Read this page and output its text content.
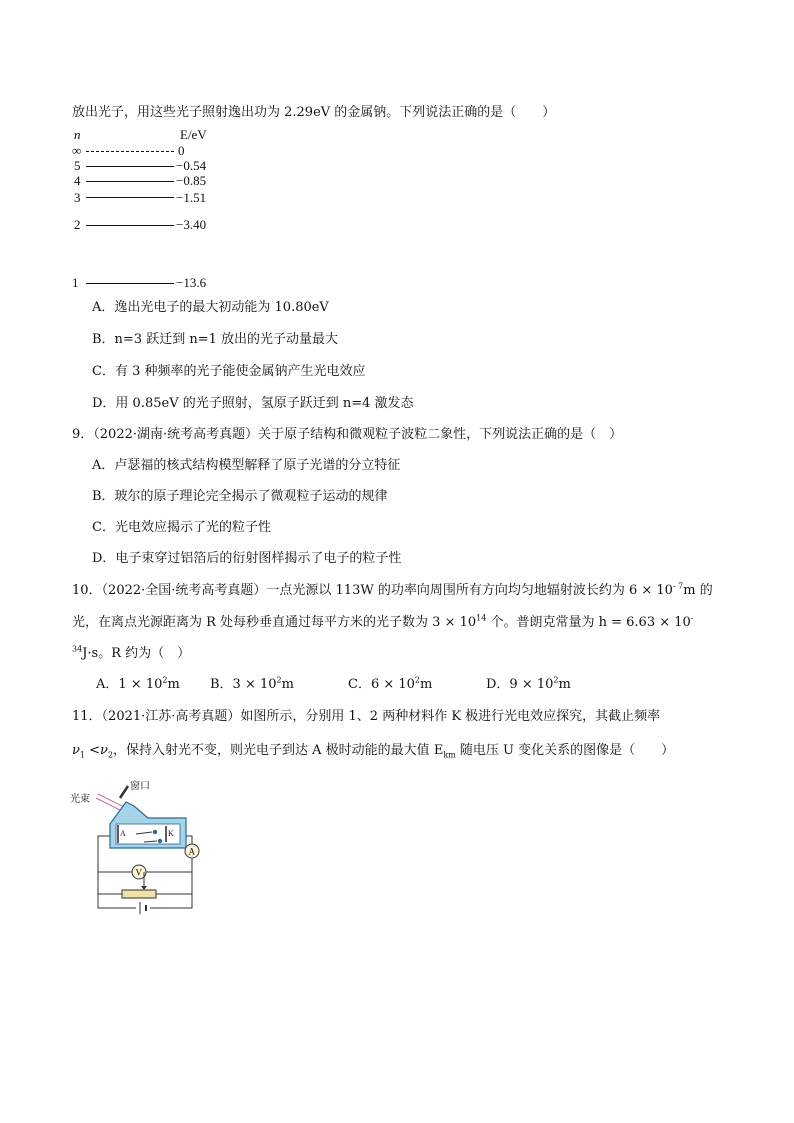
放出光子，用这些光子照射逸出功为 2.29eV 的金属钠。下列说法正确的是（　　）
n	E/eV
∞	0
5	−0.54
4	−0.85
3	−1.51
2	−3.40
1	−13.6
A．逸出光电子的最大初动能为 10.80eV
B．n=3 跃迁到 n=1 放出的光子动量最大
C．有 3 种频率的光子能使金属钠产生光电效应
D．用 0.85eV 的光子照射，氢原子跃迁到 n=4 激发态
9．（2022·湖南·统考高考真题）关于原子结构和微观粒子波粒二象性，下列说法正确的是（　）
A．卢瑟福的核式结构模型解释了原子光谱的分立特征
B．玻尔的原子理论完全揭示了微观粒子运动的规律
C．光电效应揭示了光的粒子性
D．电子束穿过铝箔后的衍射图样揭示了电子的粒子性
10．（2022·全国·统考高考真题）一点光源以 113W 的功率向周围所有方向均匀地辐射波长约为 $6 \times 10^{- 7}m$ 的
光，在离点光源距离为 R 处每秒垂直通过每平方米的光子数为 $3 \times 10^{14}$ 个。普朗克常量为 h = 6.63 × 10-
$^{34}$J·s。R 约为（　）
A．$1 \times 10^2m$ B．$3 \times 10^2m$	C．$6 \times 10^2m$	D．$9 \times 10^2m$
11．（2021·江苏·高考真题）如图所示，分别用 1、2 两种材料作 K 极进行光电效应探究，其截止频率
$\nu_1 <\nu_2$，保持入射光不变，则光电子到达 A 极时动能的最大值 $E_{km}$ 随电压 U 变化关系的图像是（　　）
A	K
A
V
光束
窗口
